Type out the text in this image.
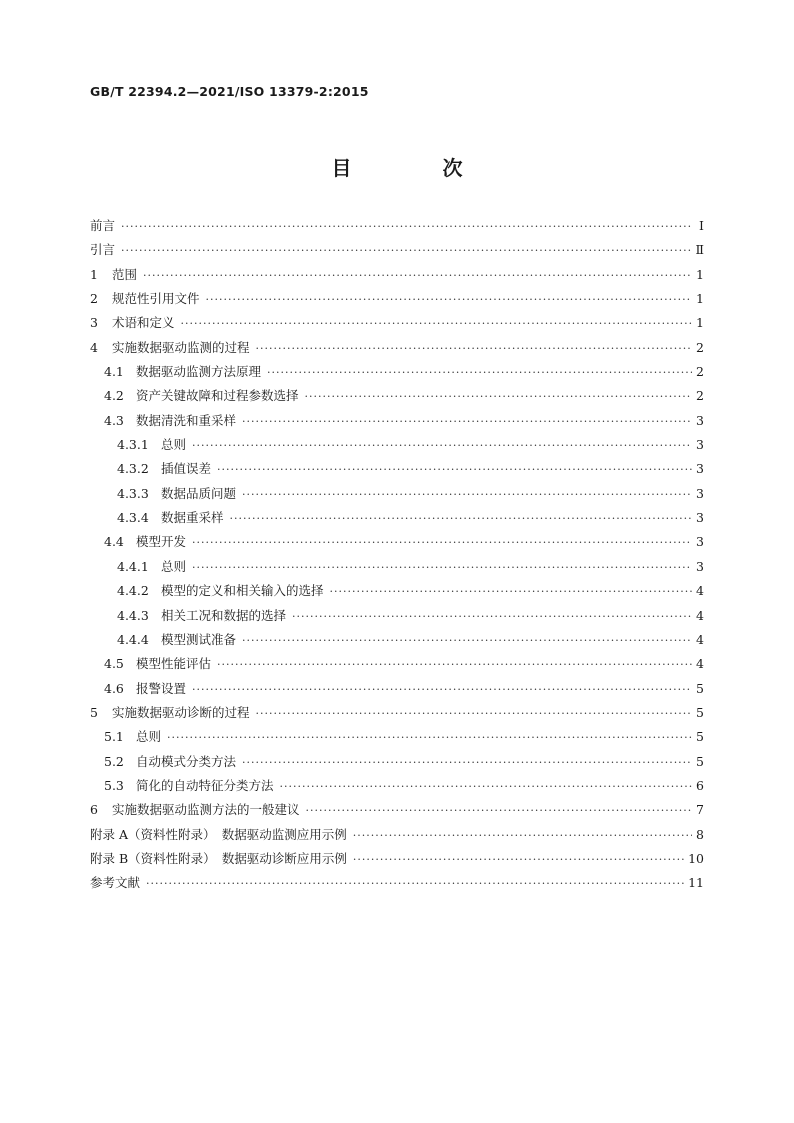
GB/T 22394.2—2021/ISO 13379-2:2015
目 次
前言 ·····	Ⅰ
引言 ·····	Ⅱ
1	范围 ·····	1
2	规范性引用文件 ·····	1
3	术语和定义 ·····	1
4	实施数据驱动监测的过程 ·····	2
4.1 数据驱动监测方法原理 ·····	2
4.2 资产关键故障和过程参数选择 ·····	2
4.3 数据清洗和重采样 ·····	3
4.3.1 总则 ·····	3
4.3.2 插值误差 ·····	3
4.3.3 数据品质问题 ·····	3
4.3.4 数据重采样 ·····	3
4.4 模型开发 ·····	3
4.4.1 总则 ·····	3
4.4.2 模型的定义和相关输入的选择 ·····	4
4.4.3 相关工况和数据的选择 ·····	4
4.4.4 模型测试准备 ·····	4
4.5 模型性能评估 ·····	4
4.6 报警设置 ·····	5
5	实施数据驱动诊断的过程 ·····	5
5.1 总则 ·····	5
5.2 自动模式分类方法 ·····	5
5.3 简化的自动特征分类方法 ·····	6
6	实施数据驱动监测方法的一般建议 ·····	7
附录 A（资料性附录）　数据驱动监测应用示例 ·····	8
附录 B（资料性附录）　数据驱动诊断应用示例 ·····	10
参考文献 ·····	11
